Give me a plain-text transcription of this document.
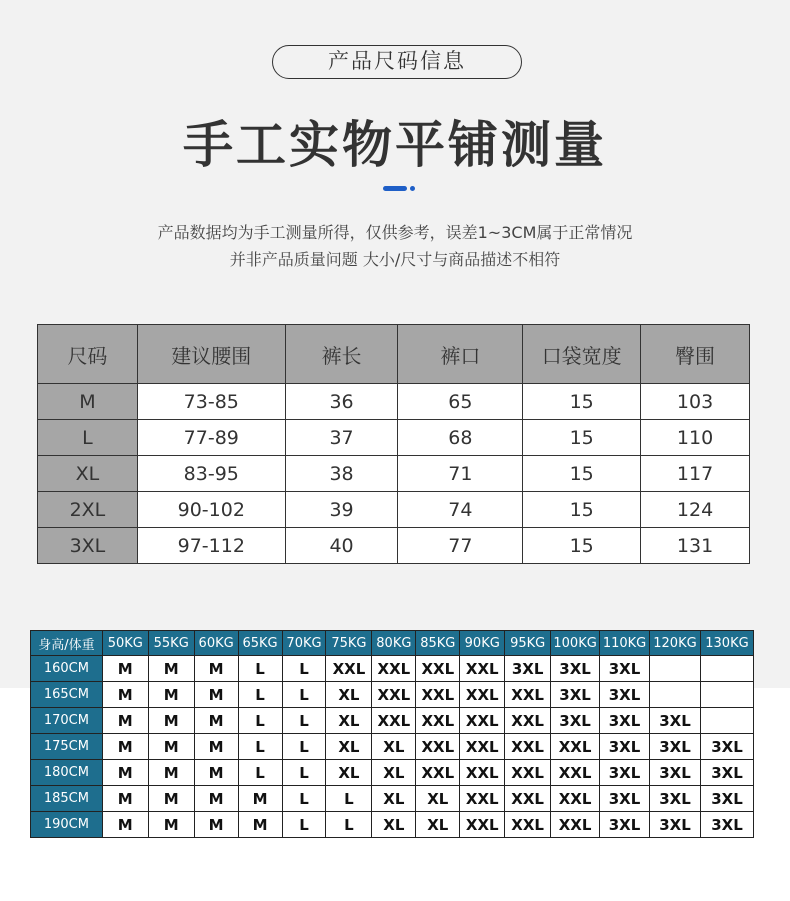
产品尺码信息
手工实物平铺测量
产品数据均为手工测量所得，仅供参考，误差1~3CM属于正常情况
并非产品质量问题 大小/尺寸与商品描述不相符
尺码	建议腰围	裤长	裤口	口袋宽度	臀围
M	73-85	36	65	15	103
L	77-89	37	68	15	110
XL	83-95	38	71	15	117
2XL	90-102	39	74	15	124
3XL	97-112	40	77	15	131
身高/体重	50KG	55KG	60KG	65KG	70KG	75KG	80KG	85KG	90KG	95KG	100KG	110KG	120KG	130KG
160CM	M	M	M	L	L	XXL	XXL	XXL	XXL	3XL	3XL	3XL		
165CM	M	M	M	L	L	XL	XXL	XXL	XXL	XXL	3XL	3XL		
170CM	M	M	M	L	L	XL	XXL	XXL	XXL	XXL	3XL	3XL	3XL	
175CM	M	M	M	L	L	XL	XL	XXL	XXL	XXL	XXL	3XL	3XL	3XL
180CM	M	M	M	L	L	XL	XL	XXL	XXL	XXL	XXL	3XL	3XL	3XL
185CM	M	M	M	M	L	L	XL	XL	XXL	XXL	XXL	3XL	3XL	3XL
190CM	M	M	M	M	L	L	XL	XL	XXL	XXL	XXL	3XL	3XL	3XL
